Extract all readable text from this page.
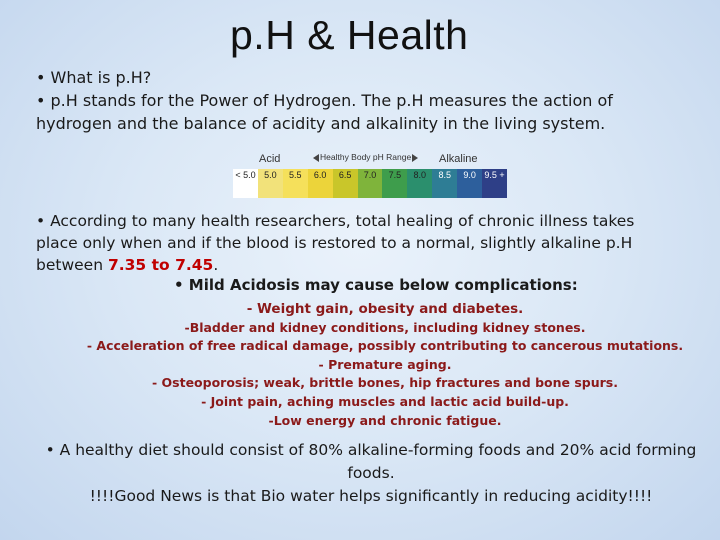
p.H & Health

• What is p.H?

• p.H stands for the Power of Hydrogen. The p.H measures the action of hydrogen and the balance of acidity and alkalinity in the living system.

Acid	Healthy Body pH Range	Alkaline
< 5.0 5.0	5.5	6.0	6.5	7.0	7.5	8.0	8.5	9.0 9.5 +

• According to many health researchers, total healing of chronic illness takes place only when and if the blood is restored to a normal, slightly alkaline p.H between 7.35 to 7.45.

• Mild Acidosis may cause below complications:
- Weight gain, obesity and diabetes.
-Bladder and kidney conditions, including kidney stones.
- Acceleration of free radical damage, possibly contributing to cancerous mutations.
- Premature aging.
- Osteoporosis; weak, brittle bones, hip fractures and bone spurs.
- Joint pain, aching muscles and lactic acid build-up.
-Low energy and chronic fatigue.

• A healthy diet should consist of 80% alkaline-forming foods and 20% acid forming foods.

!!!!Good News is that Bio water helps significantly in reducing acidity!!!!
